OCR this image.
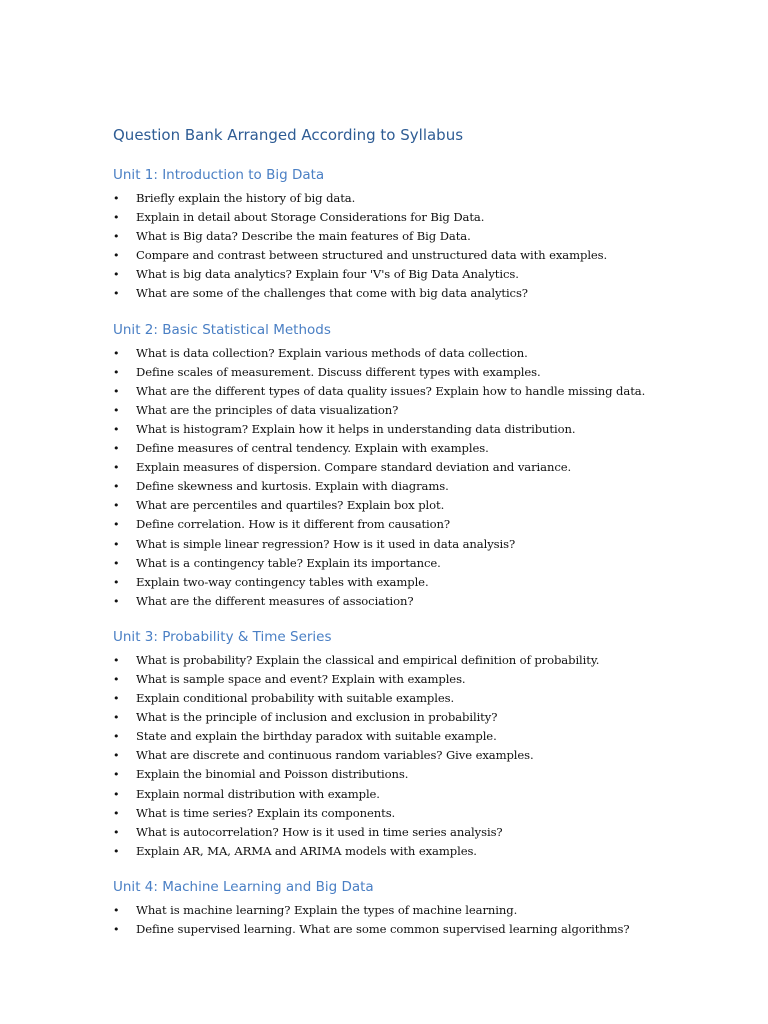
Question Bank Arranged According to Syllabus
Unit 1: Introduction to Big Data
• Briefly explain the history of big data.
• Explain in detail about Storage Considerations for Big Data.
• What is Big data? Describe the main features of Big Data.
• Compare and contrast between structured and unstructured data with examples.
• What is big data analytics? Explain four 'V's of Big Data Analytics.
• What are some of the challenges that come with big data analytics?
Unit 2: Basic Statistical Methods
• What is data collection? Explain various methods of data collection.
• Define scales of measurement. Discuss different types with examples.
• What are the different types of data quality issues? Explain how to handle missing data.
• What are the principles of data visualization?
• What is histogram? Explain how it helps in understanding data distribution.
• Define measures of central tendency. Explain with examples.
• Explain measures of dispersion. Compare standard deviation and variance.
• Define skewness and kurtosis. Explain with diagrams.
• What are percentiles and quartiles? Explain box plot.
• Define correlation. How is it different from causation?
• What is simple linear regression? How is it used in data analysis?
• What is a contingency table? Explain its importance.
• Explain two-way contingency tables with example.
• What are the different measures of association?
Unit 3: Probability & Time Series
• What is probability? Explain the classical and empirical definition of probability.
• What is sample space and event? Explain with examples.
• Explain conditional probability with suitable examples.
• What is the principle of inclusion and exclusion in probability?
• State and explain the birthday paradox with suitable example.
• What are discrete and continuous random variables? Give examples.
• Explain the binomial and Poisson distributions.
• Explain normal distribution with example.
• What is time series? Explain its components.
• What is autocorrelation? How is it used in time series analysis?
• Explain AR, MA, ARMA and ARIMA models with examples.
Unit 4: Machine Learning and Big Data
• What is machine learning? Explain the types of machine learning.
• Define supervised learning. What are some common supervised learning algorithms?
